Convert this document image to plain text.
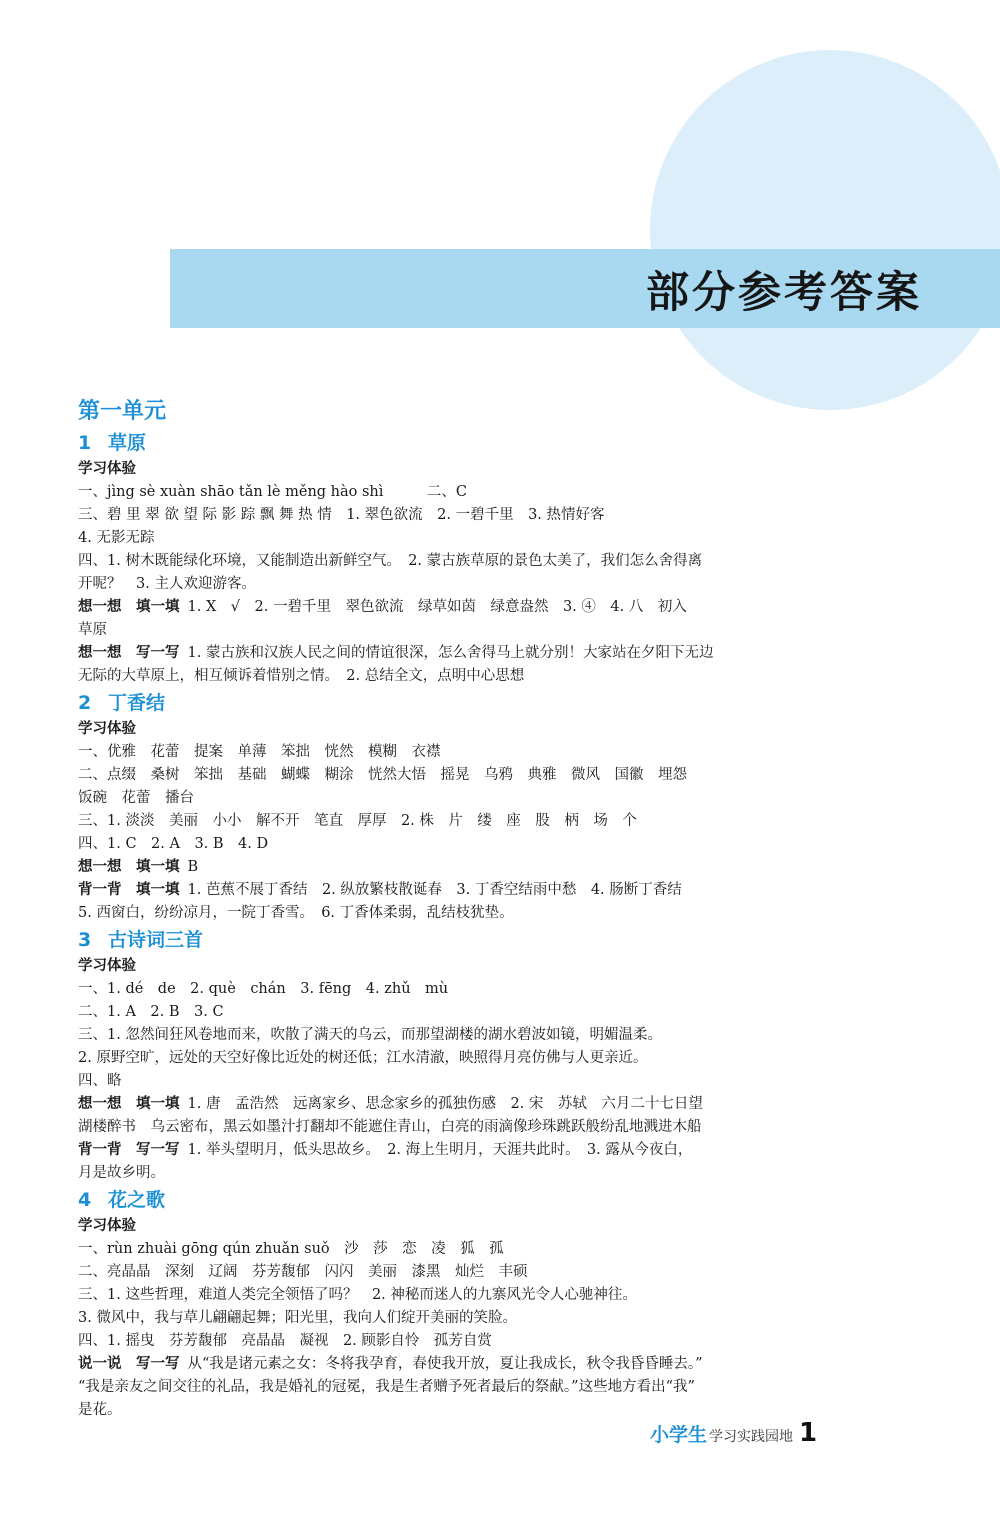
部分参考答案
第一单元
1 草原
学习体验
一、jìng sè xuàn shāo tǎn lè měng hào shì　　　二、C
三、碧 里 翠 欲 望 际 影 踪 飘 舞 热 情　1. 翠色欲流　2. 一碧千里　3. 热情好客
4. 无影无踪
四、1. 树木既能绿化环境，又能制造出新鲜空气。　2. 蒙古族草原的景色太美了，我们怎么舍得离
开呢？　3. 主人欢迎游客。
想一想　填一填 1. X　√　2. 一碧千里　翠色欲流　绿草如茵　绿意盎然　3. ④　4. 八　初入
草原
想一想　写一写 1. 蒙古族和汉族人民之间的情谊很深，怎么舍得马上就分别！大家站在夕阳下无边
无际的大草原上，相互倾诉着惜别之情。　2. 总结全文，点明中心思想
2 丁香结
学习体验
一、优雅　花蕾　提案　单薄　笨拙　恍然　模糊　衣襟
二、点缀　桑树　笨拙　基础　蝴蝶　糊涂　恍然大悟　摇晃　乌鸦　典雅　微风　国徽　埋怨
饭碗　花蕾　播台
三、1. 淡淡　美丽　小小　解不开　笔直　厚厚　2. 株　片　缕　座　股　柄　场　个
四、1. C　2. A　3. B　4. D
想一想　填一填 B
背一背　填一填 1. 芭蕉不展丁香结　2. 纵放繁枝散诞春　3. 丁香空结雨中愁　4. 肠断丁香结
5. 西窗白，纷纷凉月，一院丁香雪。　6. 丁香体柔弱，乱结枝犹垫。
3 古诗词三首
学习体验
一、1. dé　de　2. què　chán　3. fēng　4. zhǔ　mù
二、1. A　2. B　3. C
三、1. 忽然间狂风卷地而来，吹散了满天的乌云，而那望湖楼的湖水碧波如镜，明媚温柔。
2. 原野空旷，远处的天空好像比近处的树还低；江水清澈，映照得月亮仿佛与人更亲近。
四、略
想一想　填一填 1. 唐　孟浩然　远离家乡、思念家乡的孤独伤感　2. 宋　苏轼　六月二十七日望
湖楼醉书　乌云密布，黑云如墨汁打翻却不能遮住青山，白亮的雨滴像珍珠跳跃般纷乱地溅进木船
背一背　写一写 1. 举头望明月，低头思故乡。　2. 海上生明月，天涯共此时。　3. 露从今夜白，
月是故乡明。
4 花之歌
学习体验
一、rùn zhuài gōng qún zhuǎn suǒ　沙　莎　恋　凌　狐　孤
二、亮晶晶　深刻　辽阔　芬芳馥郁　闪闪　美丽　漆黑　灿烂　丰硕
三、1. 这些哲理，难道人类完全领悟了吗？　2. 神秘而迷人的九寨风光令人心驰神往。
3. 微风中，我与草儿翩翩起舞；阳光里，我向人们绽开美丽的笑脸。
四、1. 摇曳　芬芳馥郁　亮晶晶　凝视　2. 顾影自怜　孤芳自赏
说一说　写一写 从“我是诸元素之女：冬将我孕育，春使我开放，夏让我成长，秋令我昏昏睡去。”
“我是亲友之间交往的礼品，我是婚礼的冠冕，我是生者赠予死者最后的祭献。”这些地方看出“我”
是花。
小学生 学习实践园地 1
